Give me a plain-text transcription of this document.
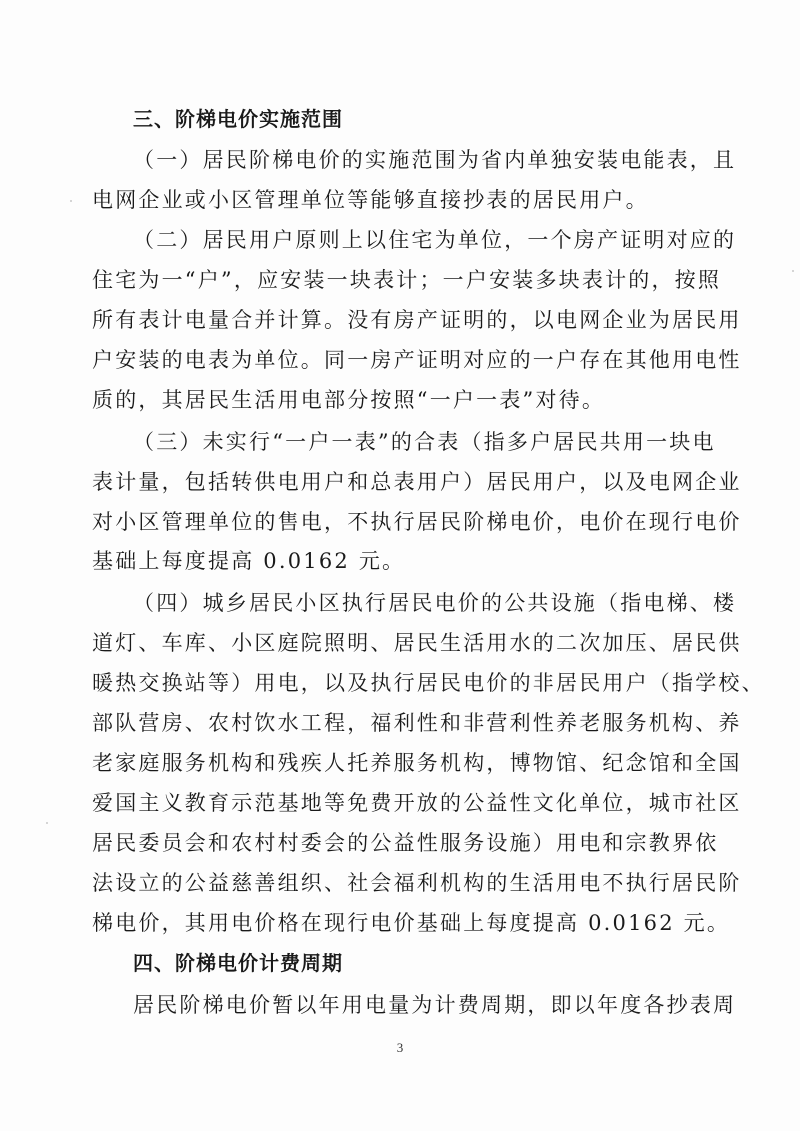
三、阶梯电价实施范围
（一）居民阶梯电价的实施范围为省内单独安装电能表，且
电网企业或小区管理单位等能够直接抄表的居民用户。
（二）居民用户原则上以住宅为单位，一个房产证明对应的
住宅为一“户”，应安装一块表计；一户安装多块表计的，按照
所有表计电量合并计算。没有房产证明的，以电网企业为居民用
户安装的电表为单位。同一房产证明对应的一户存在其他用电性
质的，其居民生活用电部分按照“一户一表”对待。
（三）未实行“一户一表”的合表（指多户居民共用一块电
表计量，包括转供电用户和总表用户）居民用户，以及电网企业
对小区管理单位的售电，不执行居民阶梯电价，电价在现行电价
基础上每度提高 0.0162 元。
（四）城乡居民小区执行居民电价的公共设施（指电梯、楼
道灯、车库、小区庭院照明、居民生活用水的二次加压、居民供
暖热交换站等）用电，以及执行居民电价的非居民用户（指学校、
部队营房、农村饮水工程，福利性和非营利性养老服务机构、养
老家庭服务机构和残疾人托养服务机构，博物馆、纪念馆和全国
爱国主义教育示范基地等免费开放的公益性文化单位，城市社区
居民委员会和农村村委会的公益性服务设施）用电和宗教界依
法设立的公益慈善组织、社会福利机构的生活用电不执行居民阶
梯电价，其用电价格在现行电价基础上每度提高 0.0162 元。
四、阶梯电价计费周期
居民阶梯电价暂以年用电量为计费周期，即以年度各抄表周
3
